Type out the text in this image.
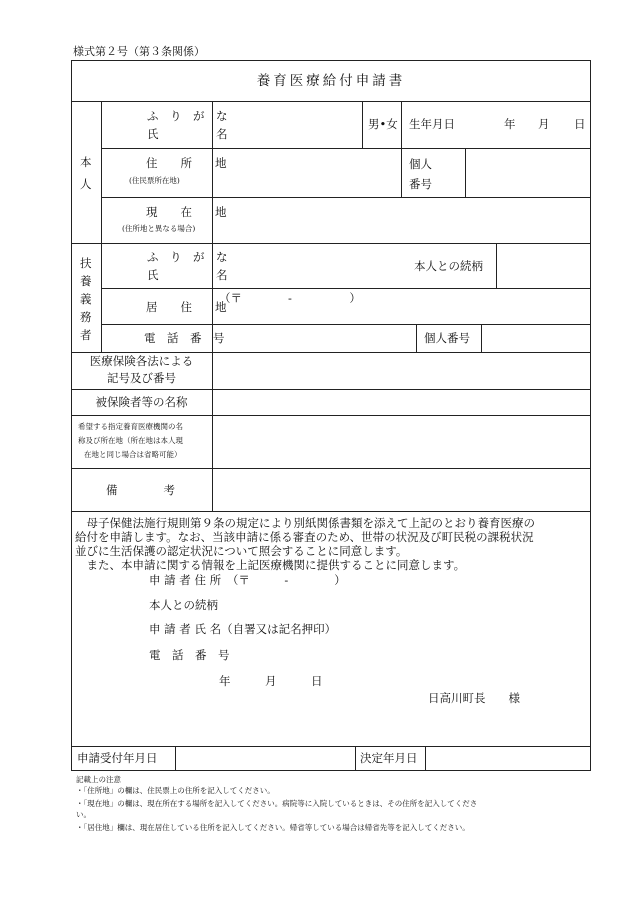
様式第２号（第３条関係）
養育医療給付申請書
本
人
ふ　り　が　な
氏　　　　　名
男•女 生年月日	年 月 日
住　　所　　地
(住民票所在地)
個人
番号
現　　在　　地
(住所地と異なる場合)
扶
養
義
務
者
ふ　り　が　な
氏　　　　　名
本人との続柄
居　　住　　地
（〒　　　　-　　　　　）
電　話　番　号	個人番号
医療保険各法による
記号及び番号
被保険者等の名称
希望する指定養育医療機関の名
称及び所在地（所在地は本人現
在地と同じ場合は省略可能）
備　　　　考
　母子保健法施行規則第９条の規定により別紙関係書類を添えて上記のとおり養育医療の
給付を申請します。なお、当該申請に係る審査のため、世帯の状況及び町民税の課税状況
並びに生活保護の認定状況について照会することに同意します。
　また、本申請に関する情報を上記医療機関に提供することに同意します。
申 請 者 住 所　（〒　　　-　　　　）
本人との続柄
申 請 者 氏 名（自署又は記名押印）
電　話　番　号
年　　　月　　　日
日高川町長　　様
申請受付年月日	決定年月日
記載上の注意
・「住所地」の欄は、住民票上の住所を記入してください。
・「現在地」の欄は、現在所在する場所を記入してください。病院等に入院しているときは、その住所を記入してくださ
い。
・「居住地」欄は、現在居住している住所を記入してください。帰省等している場合は帰省先等を記入してください。
